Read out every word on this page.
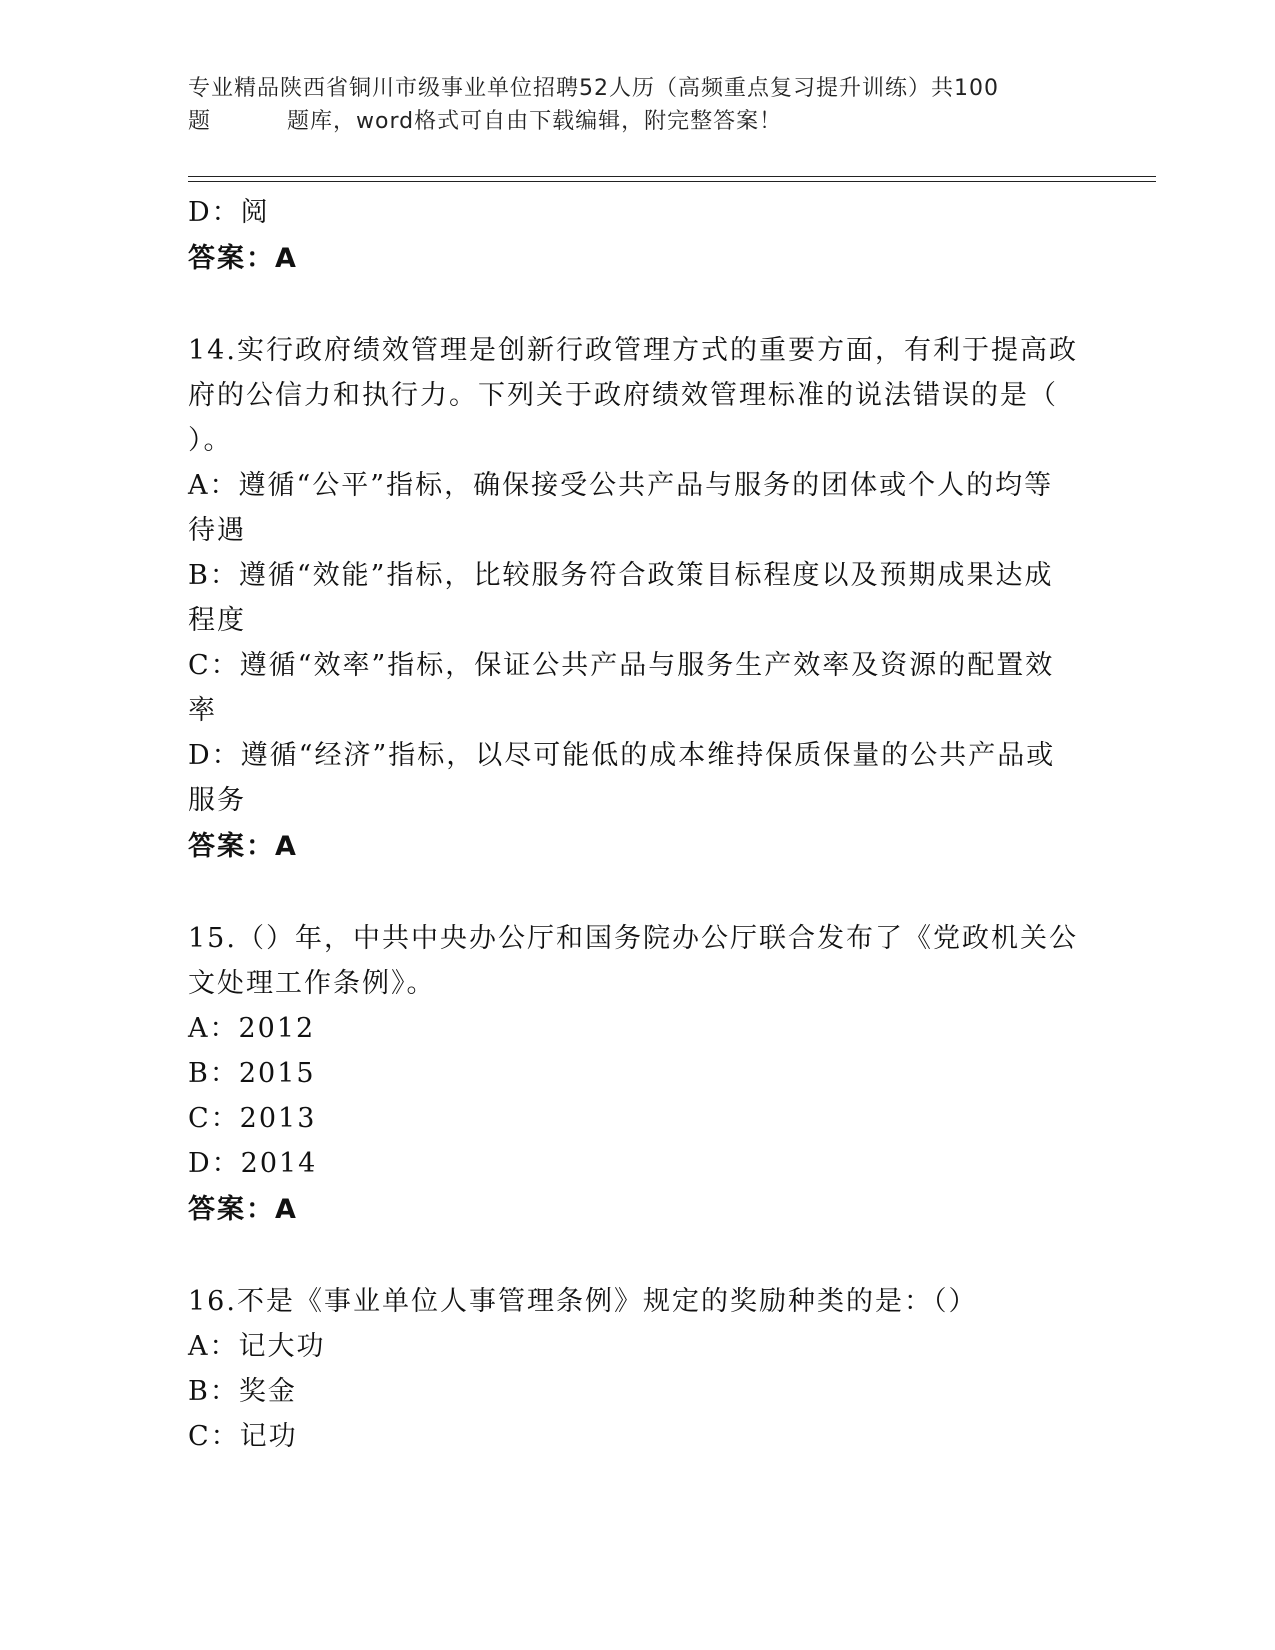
专业精品陕西省铜川市级事业单位招聘52人历（高频重点复习提升训练）共100
题	题库，word格式可自由下载编辑，附完整答案！
D：阅
答案：A
14.实行政府绩效管理是创新行政管理方式的重要方面，有利于提高政
府的公信力和执行力。下列关于政府绩效管理标准的说法错误的是（
）。
A：遵循“公平”指标，确保接受公共产品与服务的团体或个人的均等
待遇
B：遵循“效能”指标，比较服务符合政策目标程度以及预期成果达成
程度
C：遵循“效率”指标，保证公共产品与服务生产效率及资源的配置效
率
D：遵循“经济”指标，以尽可能低的成本维持保质保量的公共产品或
服务
答案：A
15.（）年，中共中央办公厅和国务院办公厅联合发布了《党政机关公
文处理工作条例》。
A：2012
B：2015
C：2013
D：2014
答案：A
16.不是《事业单位人事管理条例》规定的奖励种类的是：（）
A：记大功
B：奖金
C：记功
